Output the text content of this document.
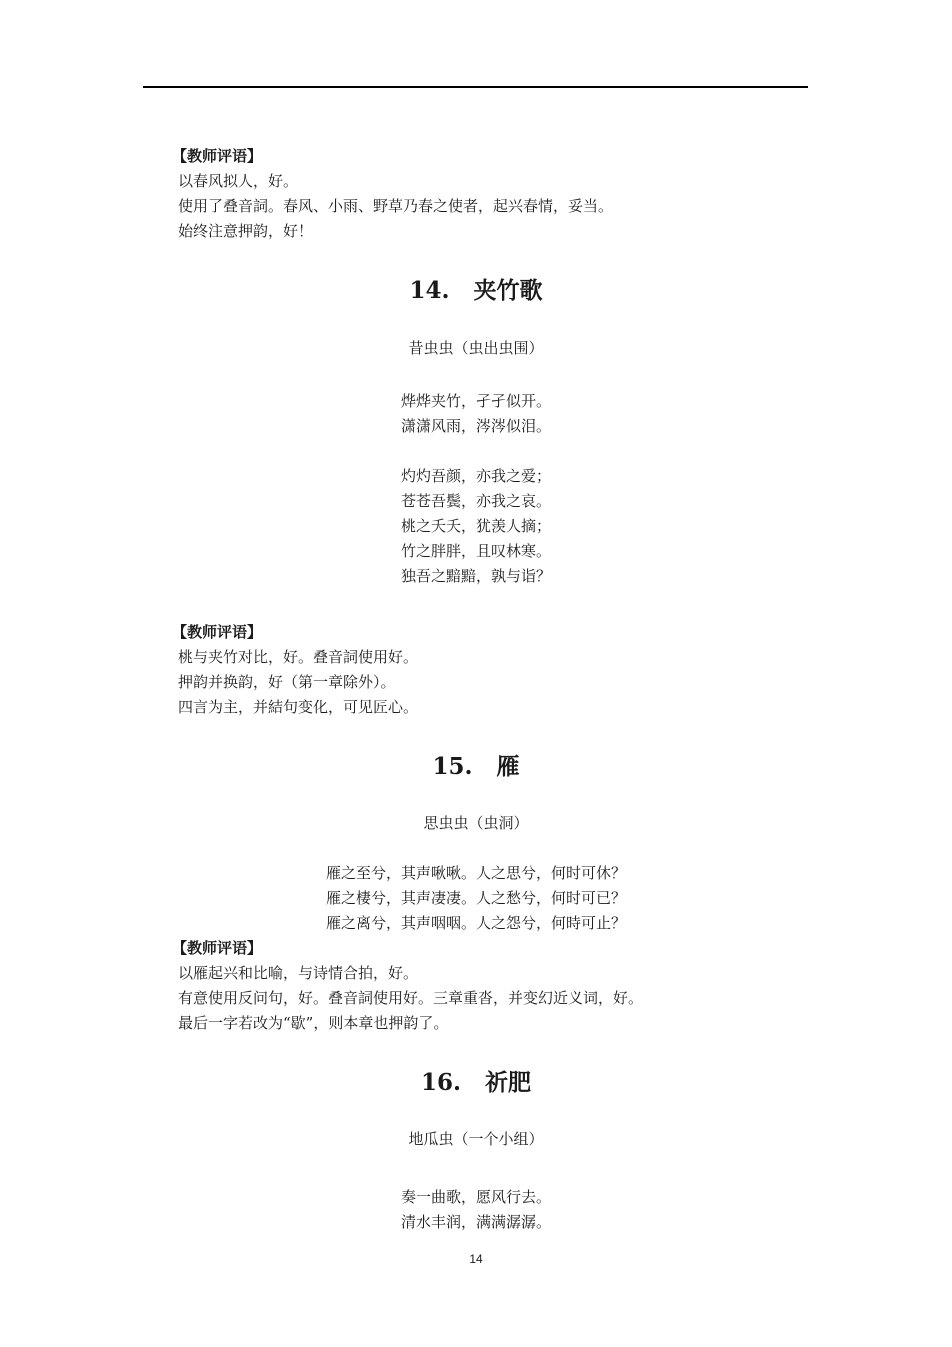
【教师评语】
以春风拟人，好。
使用了叠音詞。春风、小雨、野草乃春之使者，起兴春情，妥当。
始终注意押韵，好！
14. 夹竹歌
昔虫虫（虫出虫围）
烨烨夹竹，孑孑似开。
潇潇风雨，涔涔似泪。
灼灼吾颜，亦我之爱；
苍苍吾鬓，亦我之哀。
桃之夭夭，犹羡人摘；
竹之胖胖，且叹林寒。
独吾之黯黯，孰与诣？
【教师评语】
桃与夹竹对比，好。叠音詞使用好。
押韵并换韵，好（第一章除外）。
四言为主，并結句变化，可见匠心。
15. 雁
思虫虫（虫洞）
雁之至兮，其声啾啾。人之思兮，何时可休？
雁之棲兮，其声凄凄。人之愁兮，何时可已？
雁之离兮，其声咽咽。人之怨兮，何時可止？
【教师评语】
以雁起兴和比喻，与诗情合拍，好。
有意使用反问句，好。叠音詞使用好。三章重沓，并变幻近义词，好。
最后一字若改为“歇”，则本章也押韵了。
16. 祈肥
地瓜虫（一个小组）
奏一曲歌，愿风行去。
清水丰润，满满潺潺。
14
